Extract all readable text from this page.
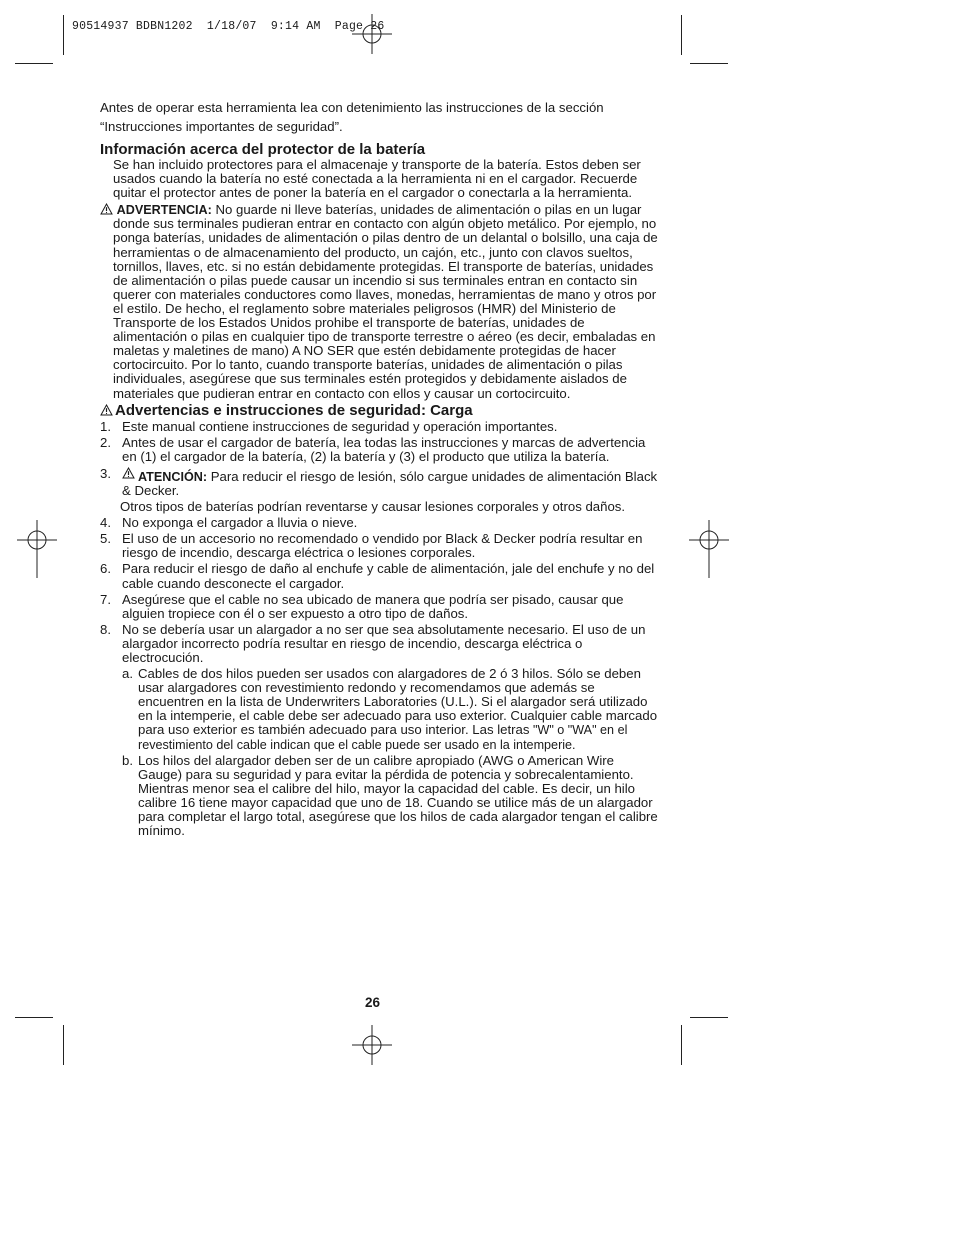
90514937 BDBN1202  1/18/07  9:14 AM  Page 26

Antes de operar esta herramienta lea con detenimiento las instrucciones de la sección “Instrucciones importantes de seguridad”.

Información acerca del protector de la batería

Se han incluido protectores para el almacenaje y transporte de la batería. Estos deben ser usados cuando la batería no esté conectada a la herramienta ni en el cargador. Recuerde quitar el protector antes de poner la batería en el cargador o conectarla a la herramienta.

ADVERTENCIA: No guarde ni lleve baterías, unidades de alimentación o pilas en un lugar donde sus terminales pudieran entrar en contacto con algún objeto metálico. Por ejemplo, no ponga baterías, unidades de alimentación o pilas dentro de un delantal o bolsillo, una caja de herramientas o de almacenamiento del producto, un cajón, etc., junto con clavos sueltos, tornillos, llaves, etc. si no están debidamente protegidas. El transporte de baterías, unidades de alimentación o pilas puede causar un incendio si sus terminales entran en contacto sin querer con materiales conductores como llaves, monedas, herramientas de mano y otros por el estilo. De hecho, el reglamento sobre materiales peligrosos (HMR) del Ministerio de Transporte de los Estados Unidos prohibe el transporte de baterías, unidades de alimentación o pilas en cualquier tipo de transporte terrestre o aéreo (es decir, embaladas en maletas y maletines de mano) A NO SER que estén debidamente protegidas de hacer cortocircuito. Por lo tanto, cuando transporte baterías, unidades de alimentación o pilas individuales, asegúrese que sus terminales estén protegidos y debidamente aislados de materiales que pudieran entrar en contacto con ellos y causar un cortocircuito.

Advertencias e instrucciones de seguridad: Carga

1. Este manual contiene instrucciones de seguridad y operación importantes.
2. Antes de usar el cargador de batería, lea todas las instrucciones y marcas de advertencia en (1) el cargador de la batería, (2) la batería y (3) el producto que utiliza la batería.
3. ATENCIÓN: Para reducir el riesgo de lesión, sólo cargue unidades de alimentación Black & Decker.

Otros tipos de baterías podrían reventarse y causar lesiones corporales y otros daños.

4. No exponga el cargador a lluvia o nieve.
5. El uso de un accesorio no recomendado o vendido por Black & Decker podría resultar en riesgo de incendio, descarga eléctrica o lesiones corporales.
6. Para reducir el riesgo de daño al enchufe y cable de alimentación, jale del enchufe y no del cable cuando desconecte el cargador.
7. Asegúrese que el cable no sea ubicado de manera que podría ser pisado, causar que alguien tropiece con él o ser expuesto a otro tipo de daños.
8. No se debería usar un alargador a no ser que sea absolutamente necesario. El uso de un alargador incorrecto podría resultar en riesgo de incendio, descarga eléctrica o electrocución.

a. Cables de dos hilos pueden ser usados con alargadores de 2 ó 3 hilos. Sólo se deben usar alargadores con revestimiento redondo y recomendamos que además se encuentren en la lista de Underwriters Laboratories (U.L.). Si el alargador será utilizado en la intemperie, el cable debe ser adecuado para uso exterior. Cualquier cable marcado para uso exterior es también adecuado para uso interior. Las letras "W" o "WA" en el revestimiento del cable indican que el cable puede ser usado en la intemperie.

b. Los hilos del alargador deben ser de un calibre apropiado (AWG o American Wire Gauge) para su seguridad y para evitar la pérdida de potencia y sobrecalentamiento. Mientras menor sea el calibre del hilo, mayor la capacidad del cable. Es decir, un hilo calibre 16 tiene mayor capacidad que uno de 18. Cuando se utilice más de un alargador para completar el largo total, asegúrese que los hilos de cada alargador tengan el calibre mínimo.

26
